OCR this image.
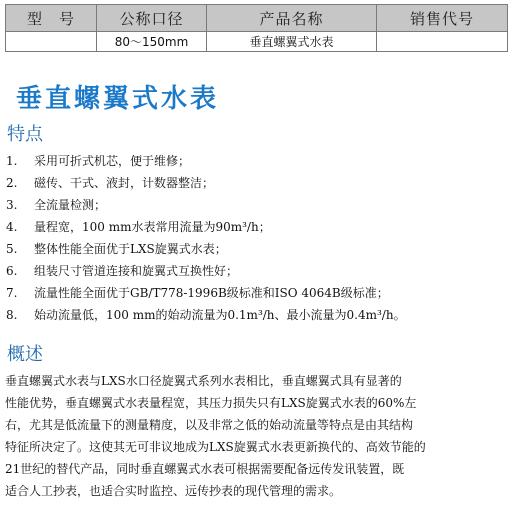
型　号	公称口径	产品名称	销售代号
	80～150mm	垂直螺翼式水表	
垂直螺翼式水表
特点
1. 采用可折式机芯，便于维修；
2. 磁传、干式、液封，计数器整洁；
3. 全流量检测；
4. 量程宽，100 mm水表常用流量为90m³/h；
5. 整体性能全面优于LXS旋翼式水表；
6. 组装尺寸管道连接和旋翼式互换性好；
7. 流量性能全面优于GB/T778-1996B级标准和ISO 4064B级标准；
8. 始动流量低，100 mm的始动流量为0.1m³/h、最小流量为0.4m³/h。
概述
垂直螺翼式水表与LXS水口径旋翼式系列水表相比，垂直螺翼式具有显著的
性能优势，垂直螺翼式水表量程宽，其压力损失只有LXS旋翼式水表的60%左
右，尤其是低流量下的测量精度，以及非常之低的始动流量等特点是由其结构
特征所决定了。这使其无可非议地成为LXS旋翼式水表更新换代的、高效节能的
21世纪的替代产品，同时垂直螺翼式水表可根据需要配备远传发讯装置，既
适合人工抄表，也适合实时监控、远传抄表的现代管理的需求。
